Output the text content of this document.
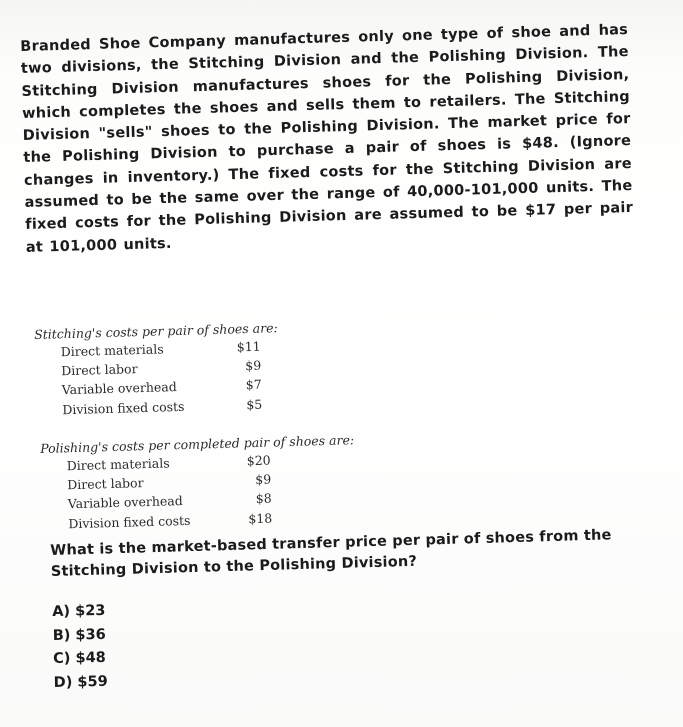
Branded Shoe Company manufactures only one type of shoe and has two divisions, the Stitching Division and the Polishing Division. The Stitching Division manufactures shoes for the Polishing Division, which completes the shoes and sells them to retailers. The Stitching Division "sells" shoes to the Polishing Division. The market price for the Polishing Division to purchase a pair of shoes is $48. (Ignore changes in inventory.) The fixed costs for the Stitching Division are assumed to be the same over the range of 40,000-101,000 units. The fixed costs for the Polishing Division are assumed to be $17 per pair at 101,000 units.
Stitching's costs per pair of shoes are:
Direct materials	$11
Direct labor	$9
Variable overhead	$7
Division fixed costs	$5
Polishing's costs per completed pair of shoes are:
Direct materials	$20
Direct labor	$9
Variable overhead	$8
Division fixed costs	$18
What is the market-based transfer price per pair of shoes from the Stitching Division to the Polishing Division?
A) $23
B) $36
C) $48
D) $59
